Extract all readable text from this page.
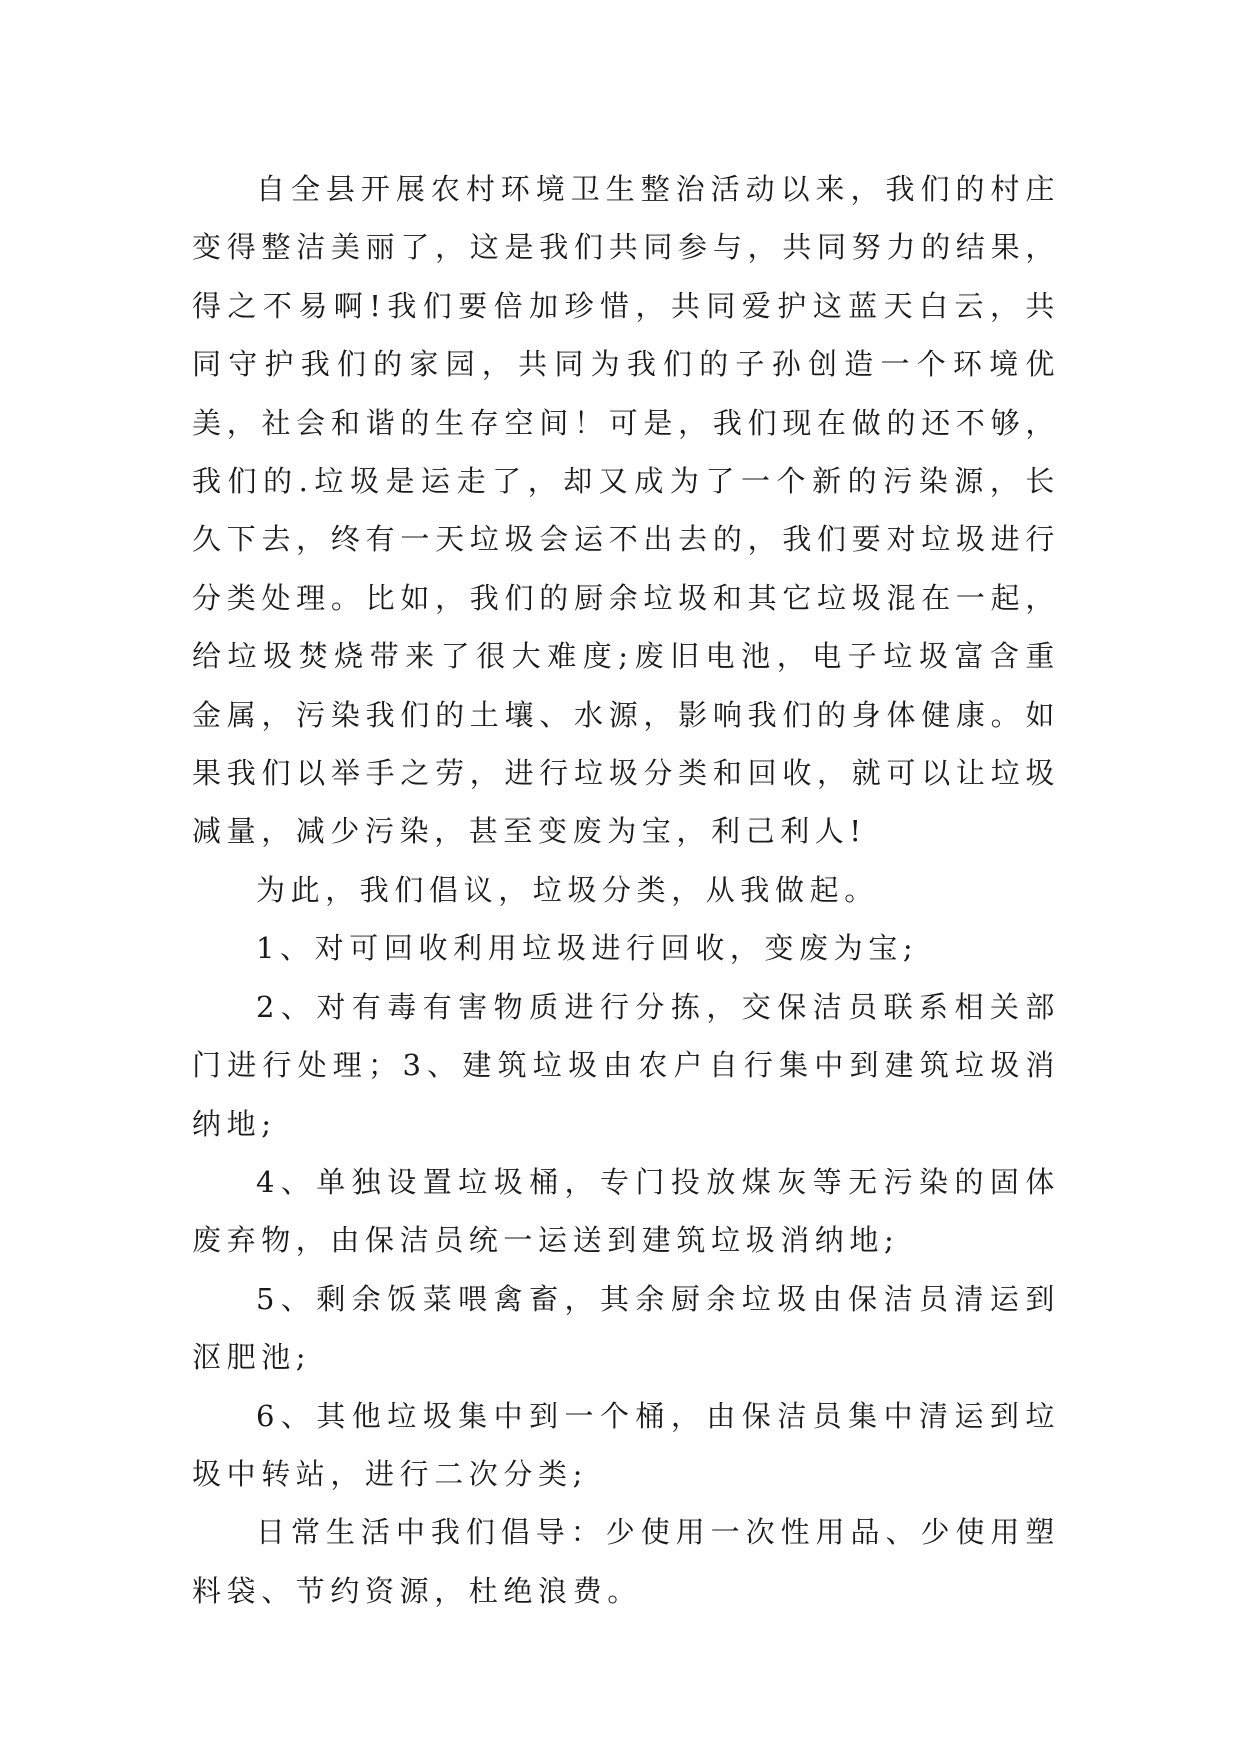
自全县开展农村环境卫生整治活动以来，我们的村庄变得整洁美丽了，这是我们共同参与，共同努力的结果，得之不易啊!我们要倍加珍惜，共同爱护这蓝天白云，共同守护我们的家园，共同为我们的子孙创造一个环境优美，社会和谐的生存空间！可是，我们现在做的还不够，我们的.垃圾是运走了，却又成为了一个新的污染源，长久下去，终有一天垃圾会运不出去的，我们要对垃圾进行分类处理。比如，我们的厨余垃圾和其它垃圾混在一起，给垃圾焚烧带来了很大难度;废旧电池，电子垃圾富含重金属，污染我们的土壤、水源，影响我们的身体健康。如果我们以举手之劳，进行垃圾分类和回收，就可以让垃圾减量，减少污染，甚至变废为宝，利己利人!

为此，我们倡议，垃圾分类，从我做起。

1、对可回收利用垃圾进行回收，变废为宝;

2、对有毒有害物质进行分拣，交保洁员联系相关部门进行处理；3、建筑垃圾由农户自行集中到建筑垃圾消纳地;

4、单独设置垃圾桶，专门投放煤灰等无污染的固体废弃物，由保洁员统一运送到建筑垃圾消纳地;

5、剩余饭菜喂禽畜，其余厨余垃圾由保洁员清运到沤肥池;

6、其他垃圾集中到一个桶，由保洁员集中清运到垃圾中转站，进行二次分类;

日常生活中我们倡导：少使用一次性用品、少使用塑料袋、节约资源，杜绝浪费。
